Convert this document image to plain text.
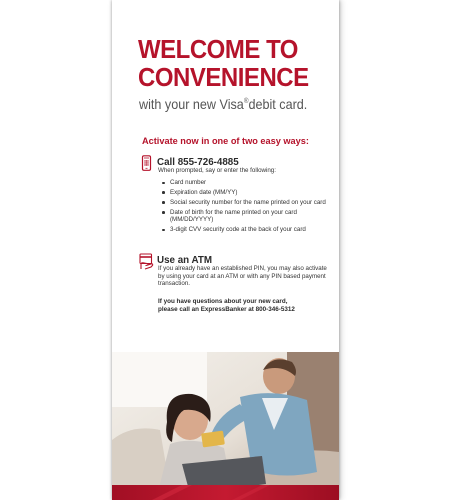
WELCOME TO
CONVENIENCE
with your new Visa®debit card.
Activate now in one of two easy ways:
Call 855-726-4885
When prompted, say or enter the following:
Card number
Expiration date (MM/YY)
Social security number for the name printed on your card
Date of birth for the name printed on your card (MM/DD/YYYY)
3-digit CVV security code at the back of your card
Use an ATM
If you already have an established PIN, you may also activate by using your card at an ATM or with any PIN based payment transaction.
If you have questions about your new card,
please call an ExpressBanker at 800-346-5312
